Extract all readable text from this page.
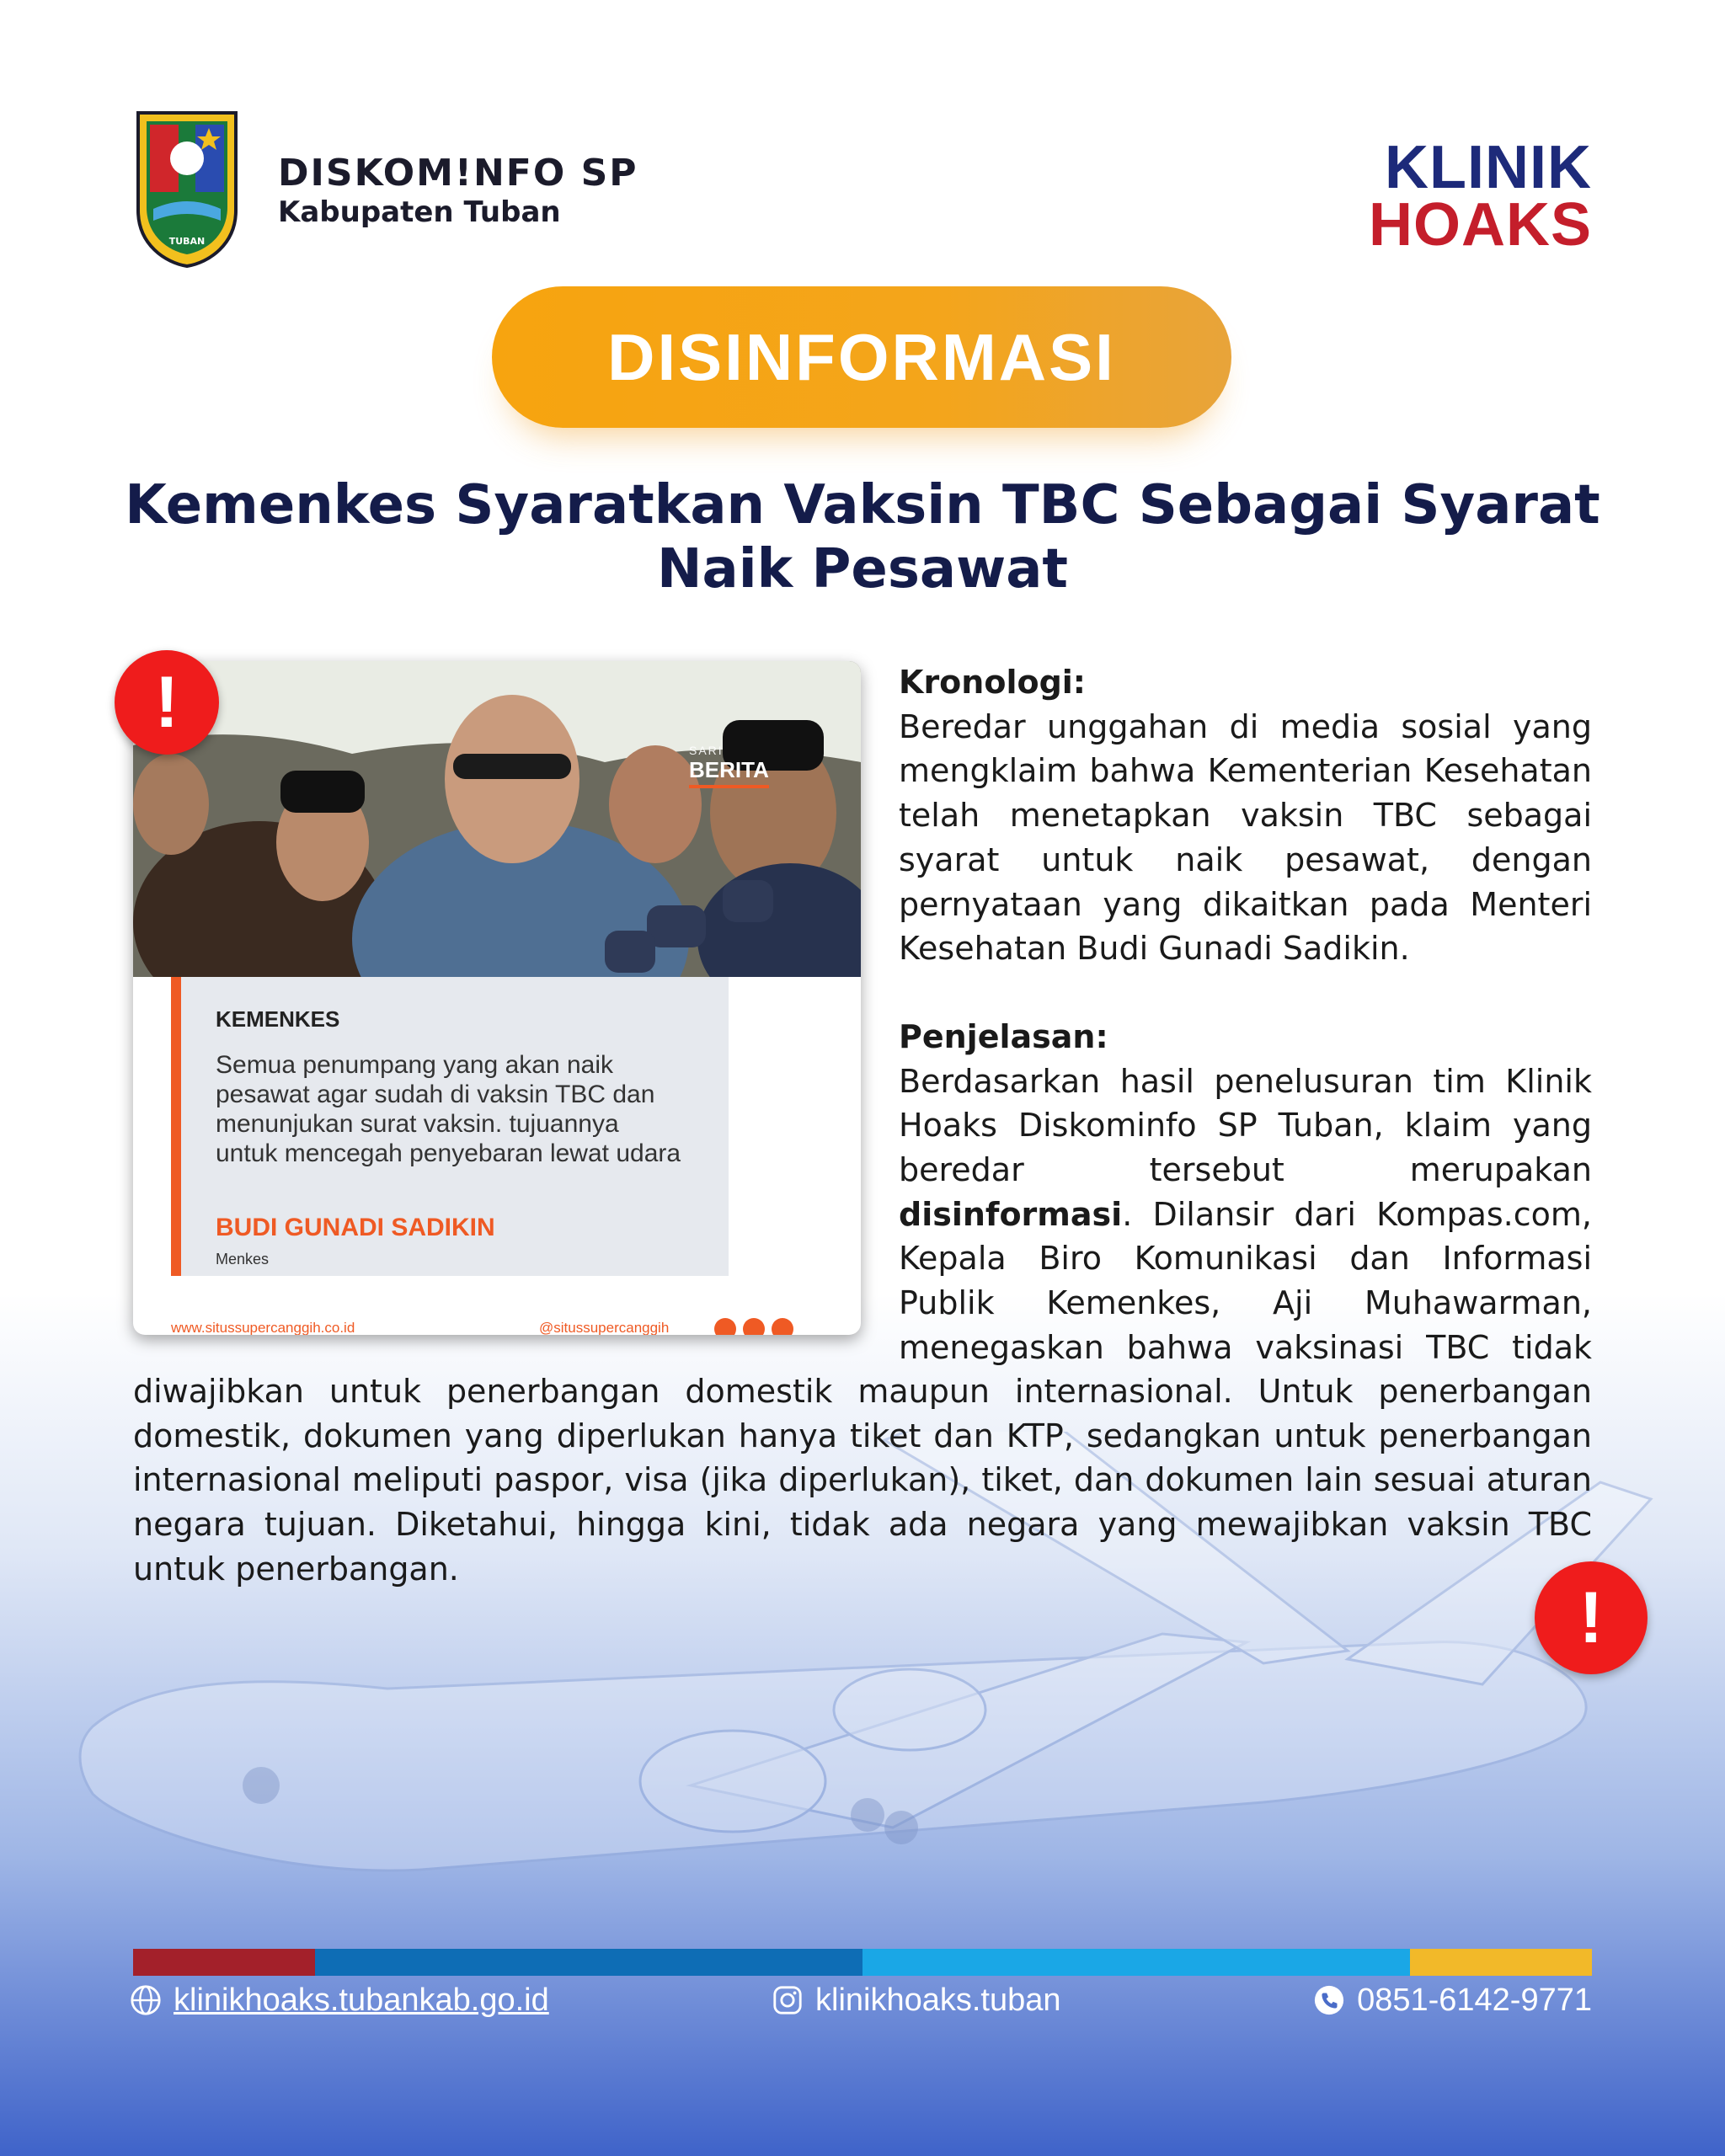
TUBAN
DISKOM!NFO SP
Kabupaten Tuban
KLINIK
HOAKS
DISINFORMASI
Kemenkes Syaratkan Vaksin TBC Sebagai Syarat Naik Pesawat
SARI
BERITA
KEMENKES
Semua penumpang yang akan naik pesawat agar sudah di vaksin TBC dan menunjukan surat vaksin. tujuannya untuk mencegah penyebaran lewat udara
BUDI GUNADI SADIKIN
Menkes
www.situssupercanggih.co.id	@situssupercanggih
!	Kronologi:
Beredar unggahan di media sosial yang mengklaim bahwa Kementerian Kesehatan telah menetapkan vaksin TBC sebagai syarat untuk naik pesawat, dengan pernyataan yang dikaitkan pada Menteri Kesehatan Budi Gunadi Sadikin.
Penjelasan:
Berdasarkan hasil penelusuran tim Klinik Hoaks Diskominfo SP Tuban, klaim yang beredar tersebut merupakan disinformasi. Dilansir dari Kompas.com, Kepala Biro Komunikasi dan Informasi Publik Kemenkes, Aji Muhawarman, menegaskan bahwa vaksinasi TBC tidak
diwajibkan untuk penerbangan domestik maupun internasional. Untuk penerbangan domestik, dokumen yang diperlukan hanya tiket dan KTP, sedangkan untuk penerbangan internasional meliputi paspor, visa (jika diperlukan), tiket, dan dokumen lain sesuai aturan negara tujuan. Diketahui, hingga kini, tidak ada negara yang mewajibkan vaksin TBC untuk penerbangan.
!
klinikhoaks.tubankab.go.id	klinikhoaks.tuban	0851-6142-9771
